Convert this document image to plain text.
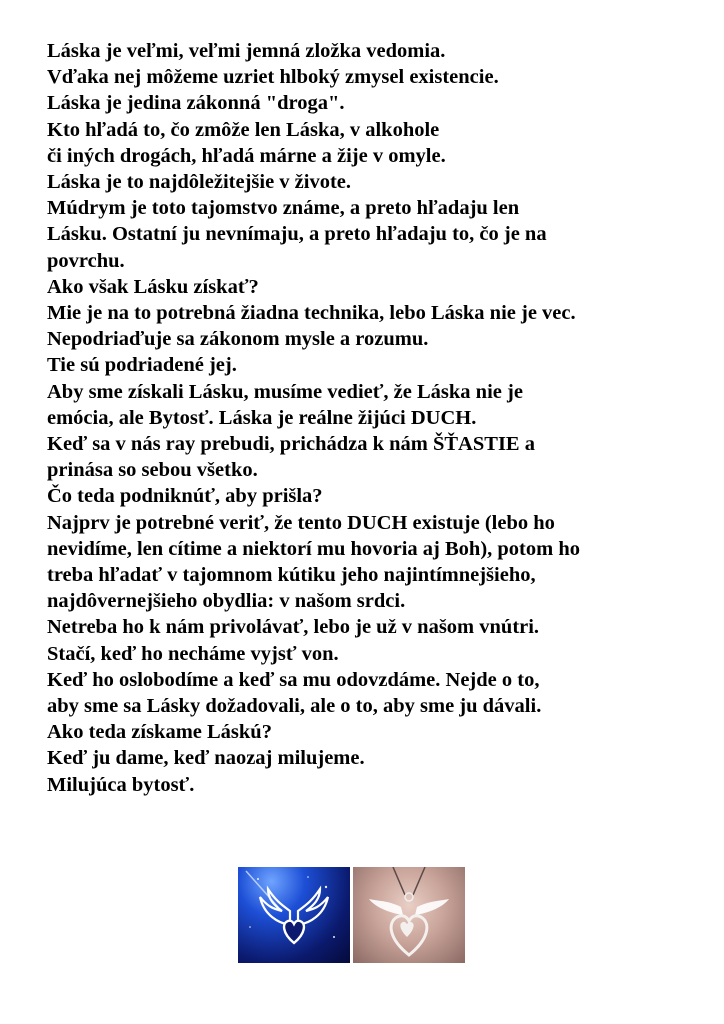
Láska je veľmi, veľmi jemná zložka vedomia.
Vďaka nej môžeme uzriet hlboký zmysel existencie.
Láska je jedina zákonná "droga".
Kto hľadá to, čo zmôže len Láska, v alkohole
či iných drogách, hľadá márne a žije v omyle.
Láska je to najdôležitejšie v živote.
Múdrym je toto tajomstvo známe, a preto hľadaju len
Lásku. Ostatní ju nevnímaju, a preto hľadaju to, čo je na
povrchu.
Ako však Lásku získať?
Mie je na to potrebná žiadna technika, lebo Láska nie je vec.
Nepodriaďuje sa zákonom mysle a rozumu.
Tie sú podriadené jej.
Aby sme získali Lásku, musíme vedieť, že Láska nie je
emócia, ale Bytosť. Láska je reálne žijúci DUCH.
Keď sa v nás ray prebudi, prichádza k nám ŠŤASTIE a
prinása so sebou všetko.
Čo teda podniknúť, aby prišla?
Najprv je potrebné veriť, že tento DUCH existuje (lebo ho
nevidíme, len cítime a niektorí mu hovoria aj Boh), potom ho
treba hľadať v tajomnom kútiku jeho najintímnejšieho,
najdôvernejšieho obydlia: v našom srdci.
Netreba ho k nám privolávať, lebo je už v našom vnútri.
Stačí, keď ho necháme vyjsť von.
Keď ho oslobodíme a keď sa mu odovzdáme. Nejde o to,
aby sme sa Lásky dožadovali, ale o to, aby sme ju dávali.
Ako teda získame Láskú?
Keď ju dame, keď naozaj milujeme.
Milujúca bytosť.
